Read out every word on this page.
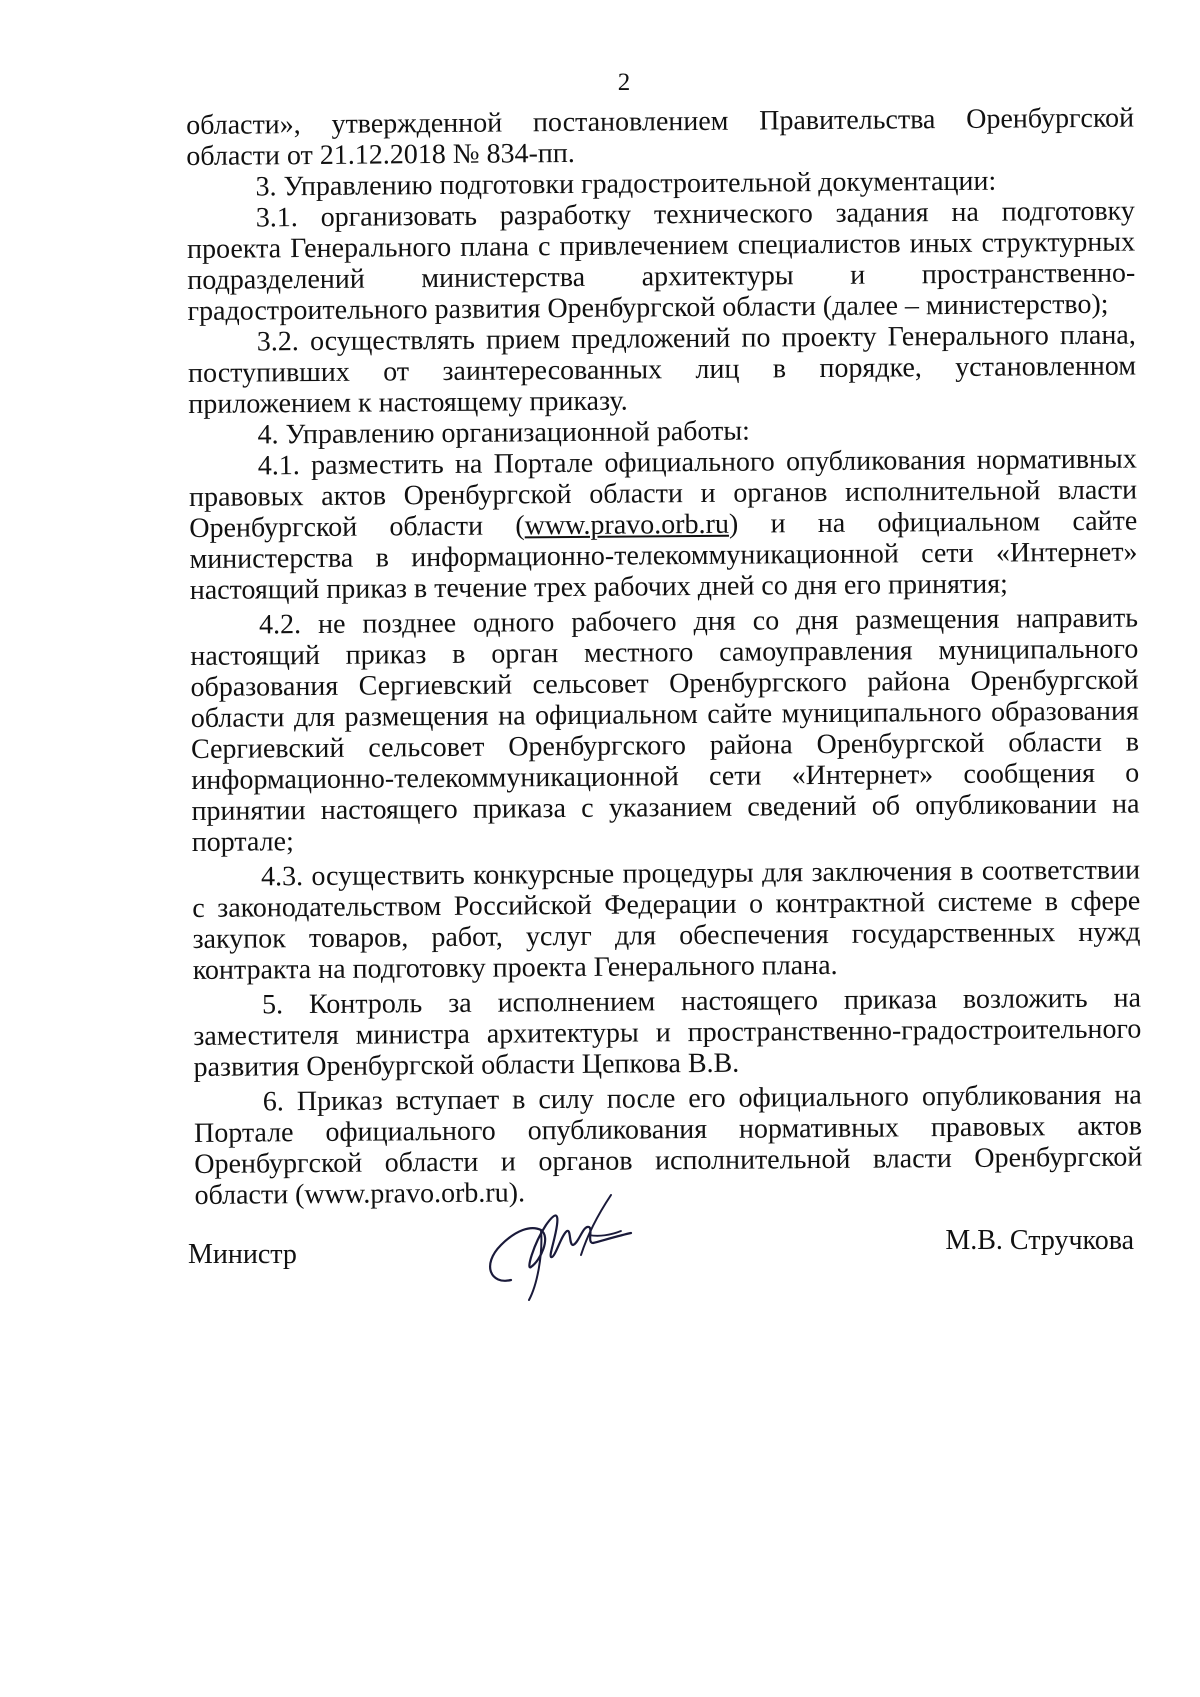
2

области», утвержденной постановлением Правительства Оренбургской области от 21.12.2018 № 834-пп.

3. Управлению подготовки градостроительной документации:

3.1. организовать разработку технического задания на подготовку проекта Генерального плана с привлечением специалистов иных структурных подразделений министерства архитектуры и пространственно-градостроительного развития Оренбургской области (далее – министерство);

3.2. осуществлять прием предложений по проекту Генерального плана, поступивших от заинтересованных лиц в порядке, установленном приложением к настоящему приказу.

4. Управлению организационной работы:

4.1. разместить на Портале официального опубликования нормативных правовых актов Оренбургской области и органов исполнительной власти Оренбургской области (www.pravo.orb.ru) и на официальном сайте министерства в информационно-телекоммуникационной сети «Интернет» настоящий приказ в течение трех рабочих дней со дня его принятия;

4.2. не позднее одного рабочего дня со дня размещения направить настоящий приказ в орган местного самоуправления муниципального образования Сергиевский сельсовет Оренбургского района Оренбургской области для размещения на официальном сайте муниципального образования Сергиевский сельсовет Оренбургского района Оренбургской области в информационно-телекоммуникационной сети «Интернет» сообщения о принятии настоящего приказа с указанием сведений об опубликовании на портале;

4.3. осуществить конкурсные процедуры для заключения в соответствии с законодательством Российской Федерации о контрактной системе в сфере закупок товаров, работ, услуг для обеспечения государственных нужд контракта на подготовку проекта Генерального плана.

5. Контроль за исполнением настоящего приказа возложить на заместителя министра архитектуры и пространственно-градостроительного развития Оренбургской области Цепкова В.В.

6. Приказ вступает в силу после его официального опубликования на Портале официального опубликования нормативных правовых актов Оренбургской области и органов исполнительной власти Оренбургской области (www.pravo.orb.ru).

Министр	М.В. Стручкова
